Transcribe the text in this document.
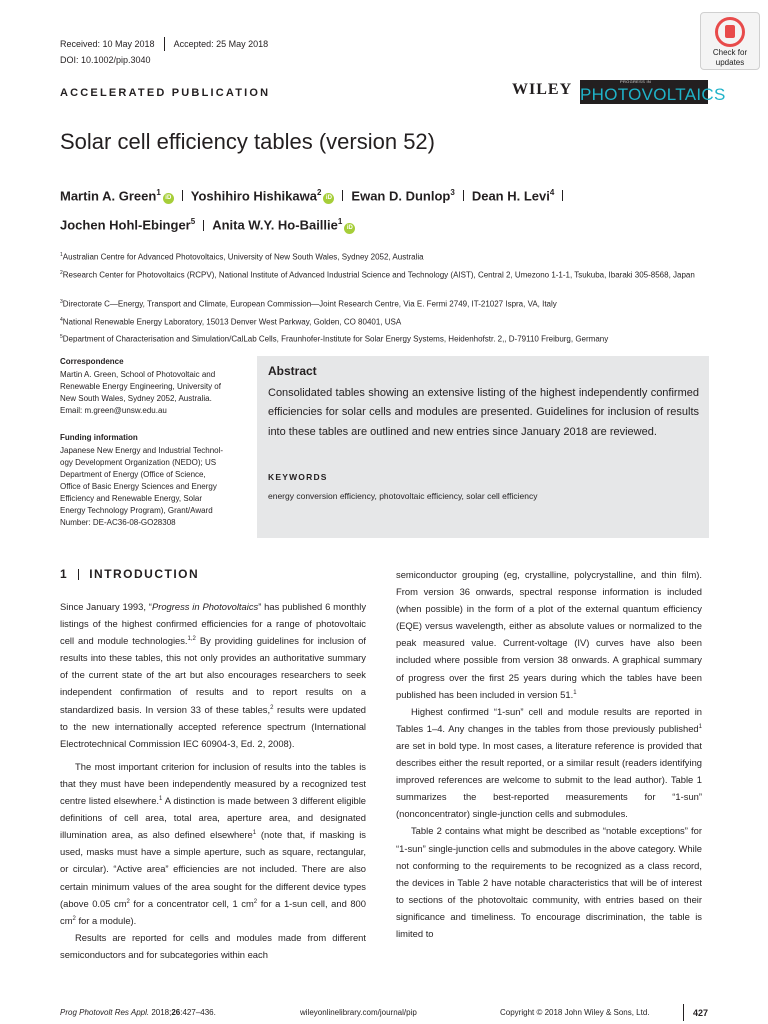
Received: 10 May 2018 Accepted: 25 May 2018
DOI: 10.1002/pip.3040
Check for
updates
ACCELERATED PUBLICATION	WILEY	PROGRESS IN
PHOTOVOLTAICS
Solar cell efficiency tables (version 52)
Martin A. Green$^1$iD Yoshihiro Hishikawa$^2$iD Ewan D. Dunlop$^3$ Dean H. Levi$^4$
Jochen Hohl-Ebinger$^5$ Anita W.Y. Ho-Baillie$^1$iD
$^1$Australian Centre for Advanced Photovoltaics, University of New South Wales, Sydney 2052, Australia
$^2$Research Center for Photovoltaics (RCPV), National Institute of Advanced Industrial Science and Technology (AIST), Central 2, Umezono 1-1-1, Tsukuba, Ibaraki 305-8568, Japan
$^3$Directorate C—Energy, Transport and Climate, European Commission—Joint Research Centre, Via E. Fermi 2749, IT-21027 Ispra, VA, Italy
$^4$National Renewable Energy Laboratory, 15013 Denver West Parkway, Golden, CO 80401, USA
$^5$Department of Characterisation and Simulation/CalLab Cells, Fraunhofer-Institute for Solar Energy Systems, Heidenhofstr. 2,, D-79110 Freiburg, Germany
Correspondence
Martin A. Green, School of Photovoltaic and
Renewable Energy Engineering, University of
New South Wales, Sydney 2052, Australia.
Email: m.green@unsw.edu.au
Funding information
Japanese New Energy and Industrial Technol-
ogy Development Organization (NEDO); US
Department of Energy (Office of Science,
Office of Basic Energy Sciences and Energy
Efficiency and Renewable Energy, Solar
Energy Technology Program), Grant/Award
Number: DE-AC36-08-GO28308
Abstract
Consolidated tables showing an extensive listing of the highest independently confirmed efficiencies for solar cells and modules are presented. Guidelines for inclusion of results into these tables are outlined and new entries since January 2018 are reviewed.
KEYWORDS
energy conversion efficiency, photovoltaic efficiency, solar cell efficiency
1 INTRODUCTION

Since January 1993, “Progress in Photovoltaics” has published 6 monthly listings of the highest confirmed efficiencies for a range of photovoltaic cell and module technologies.$^{1,2}$ By providing guidelines for inclusion of results into these tables, this not only provides an authoritative summary of the current state of the art but also encourages researchers to seek independent confirmation of results and to report results on a standardized basis. In version 33 of these tables,$^2$ results were updated to the new internationally accepted reference spectrum (International Electrotechnical Commission IEC 60904-3, Ed. 2, 2008).

The most important criterion for inclusion of results into the tables is that they must have been independently measured by a recognized test centre listed elsewhere.$^1$ A distinction is made between 3 different eligible definitions of cell area, total area, aperture area, and designated illumination area, as also defined elsewhere$^1$ (note that, if masking is used, masks must have a simple aperture, such as square, rectangular, or circular). “Active area” efficiencies are not included. There are also certain minimum values of the area sought for the different device types (above 0.05 $cm^2$ for a concentrator cell, 1 $cm^2$ for a 1-sun cell, and 800 $cm^2$ for a module).

Results are reported for cells and modules made from different semiconductors and for subcategories within each

semiconductor grouping (eg, crystalline, polycrystalline, and thin film). From version 36 onwards, spectral response information is included (when possible) in the form of a plot of the external quantum efficiency (EQE) versus wavelength, either as absolute values or normalized to the peak measured value. Current-voltage (IV) curves have also been included where possible from version 38 onwards. A graphical summary of progress over the first 25 years during which the tables have been published has been included in version 51.$^1$

Highest confirmed “1-sun” cell and module results are reported in Tables 1–4. Any changes in the tables from those previously published$^1$ are set in bold type. In most cases, a literature reference is provided that describes either the result reported, or a similar result (readers identifying improved references are welcome to submit to the lead author). Table 1 summarizes the best-reported measurements for “1-sun” (nonconcentrator) single-junction cells and submodules.

Table 2 contains what might be described as “notable exceptions” for “1-sun” single-junction cells and submodules in the above category. While not conforming to the requirements to be recognized as a class record, the devices in Table 2 have notable characteristics that will be of interest to sections of the photovoltaic community, with entries based on their significance and timeliness. To encourage discrimination, the table is limited to

Prog Photovolt Res Appl. 2018;26:427–436.	wileyonlinelibrary.com/journal/pip	Copyright © 2018 John Wiley & Sons, Ltd.	427
